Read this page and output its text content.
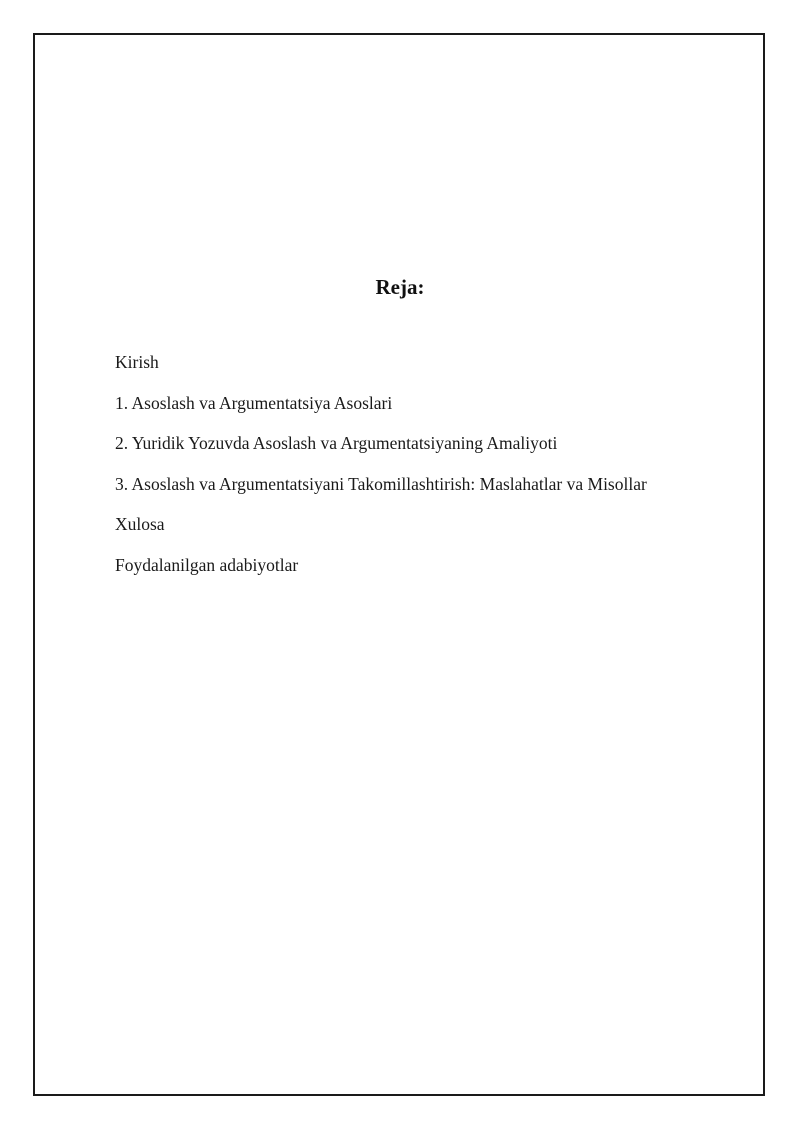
Reja:
Kirish
1. Asoslash va Argumentatsiya Asoslari
2. Yuridik Yozuvda Asoslash va Argumentatsiyaning Amaliyoti
3. Asoslash va Argumentatsiyani Takomillashtirish: Maslahatlar va Misollar
Xulosa
Foydalanilgan adabiyotlar
